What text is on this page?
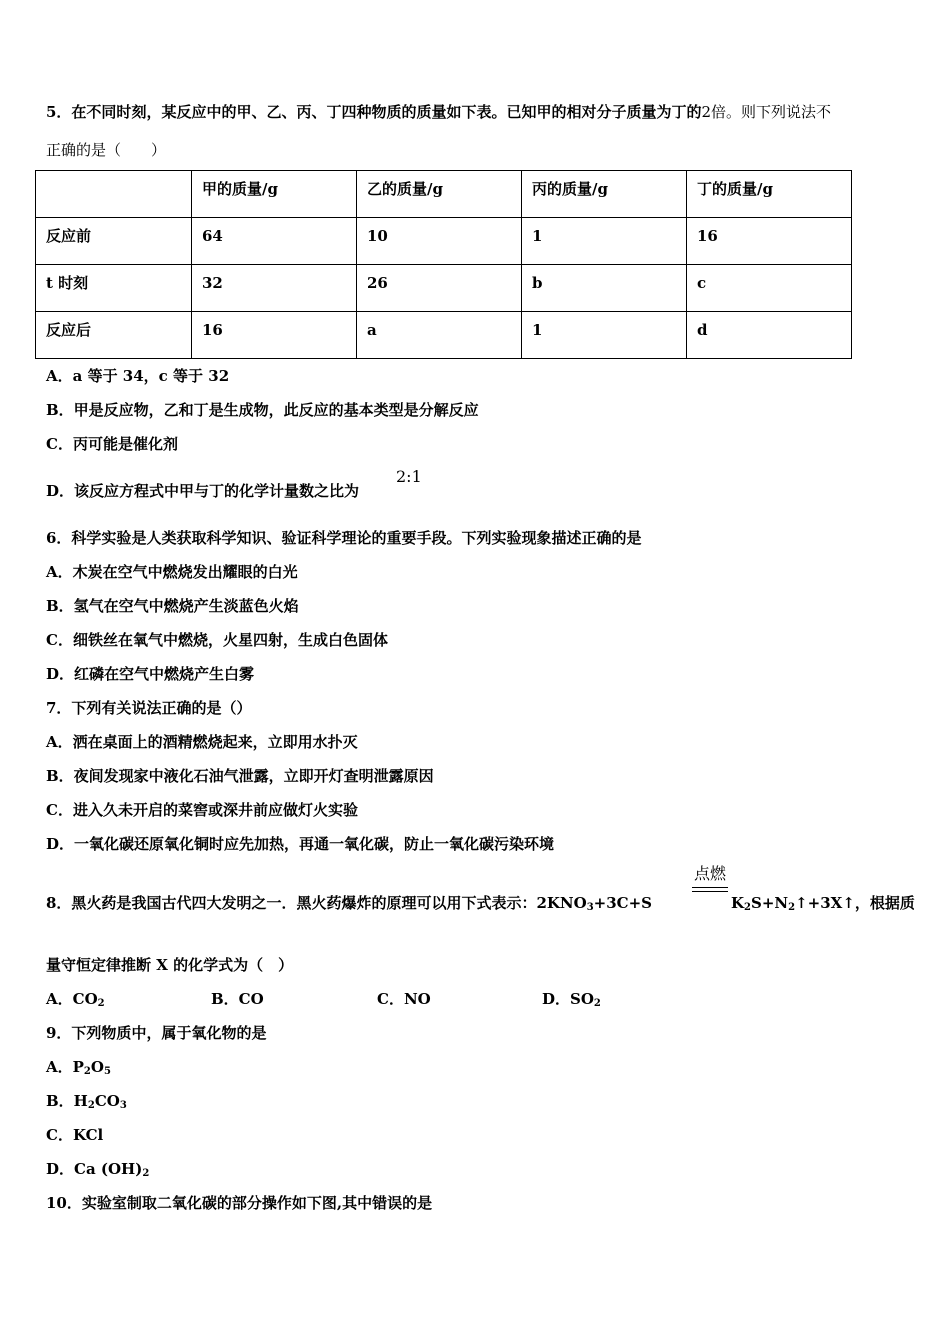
5．在不同时刻，某反应中的甲、乙、丙、丁四种物质的质量如下表。已知甲的相对分子质量为丁的2倍。则下列说法不
正确的是（　　）

	甲的质量/g	乙的质量/g	丙的质量/g	丁的质量/g

反应前	64	10	1	16

t 时刻	32	26	b	c

反应后	16	a	1	d
A．a 等于 34，c 等于 32
B．甲是反应物，乙和丁是生成物，此反应的基本类型是分解反应
C．丙可能是催化剂
D．该反应方程式中甲与丁的化学计量数之比为
2:1
6．科学实验是人类获取科学知识、验证科学理论的重要手段。下列实验现象描述正确的是
A．木炭在空气中燃烧发出耀眼的白光
B．氢气在空气中燃烧产生淡蓝色火焰
C．细铁丝在氧气中燃烧，火星四射，生成白色固体
D．红磷在空气中燃烧产生白雾
7．下列有关说法正确的是（）
A．洒在桌面上的酒精燃烧起来，立即用水扑灭
B．夜间发现家中液化石油气泄露，立即开灯查明泄露原因
C．进入久未开启的菜窖或深井前应做灯火实验
D．一氧化碳还原氧化铜时应先加热，再通一氧化碳，防止一氧化碳污染环境
8．黑火药是我国古代四大发明之一．黑火药爆炸的原理可以用下式表示：$2KNO_3+3C+S$
点燃
$K_2S+N_2↑+3X↑$，根据质
量守恒定律推断 X 的化学式为（　）
A．$CO_2$	B．CO	C．NO	D．$SO_2$
9．下列物质中，属于氧化物的是
A．$P_2O_5$
B．$H_2CO_3$
C．KCl
D．Ca $(OH)_2$
10．实验室制取二氧化碳的部分操作如下图,其中错误的是
